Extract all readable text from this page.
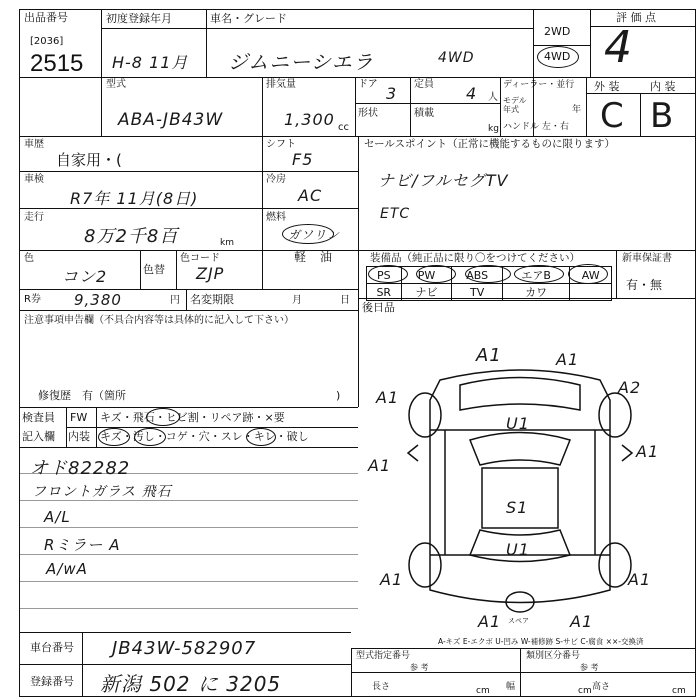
出品番号
[2036]
2515
初度登録年月
H-8 11月
車名・グレード
ジムニーシエラ	4WD
2WD
4WD
評 価 点
4
型式
ABA-JB43W
排気量
1,300 cc
ドア 3 定員 4 人
形状	積載
kg
ディーラー・並行
モデル年式	年
ハンドル 左・右
外 装	内 装
C B
車歴
自家用・(
シフト
F5
車検
R7年 11月(8日)
冷房
AC
走行
8万2千8百	km
燃料
ガソリン
軽 油
色
コン2	色替
色コード
ZJP
R券 9,380	円 名変期限	月	日
注意事項申告欄（不具合内容等は具体的に記入して下さい）
修復歴　有（箇所	)
セールスポイント（正常に機能するものに限ります）
ナビ/フルセグTV
ETC
装備品（純正品に限り〇をつけてください）	新車保証書
有・無
PS	PW	ABS	エアB	AW
SR	ナビ	TV	カワ	
後日品
検査員
記入欄
FW キズ・飛石・ヒビ割・リペア跡・×要
内装 キズ・汚し・コゲ・穴・スレ・キレ・破し
オド82282
フロントガラス 飛石
A/L
Rミラー A
A/wA
A1	A1
A2
A1
A1
U1
S1
U1
A1
A1	A1
A1	A1
スペア
A-キズ E-エクボ U-凹み W-補修跡 S-サビ C-腐食 ××-交換済
車台番号 JB43W-582907
登録番号 新潟 502 に 3205
型式指定番号	類別区分番号
参 考	参 考
長さ	cm 幅	cm 高さ	cm
